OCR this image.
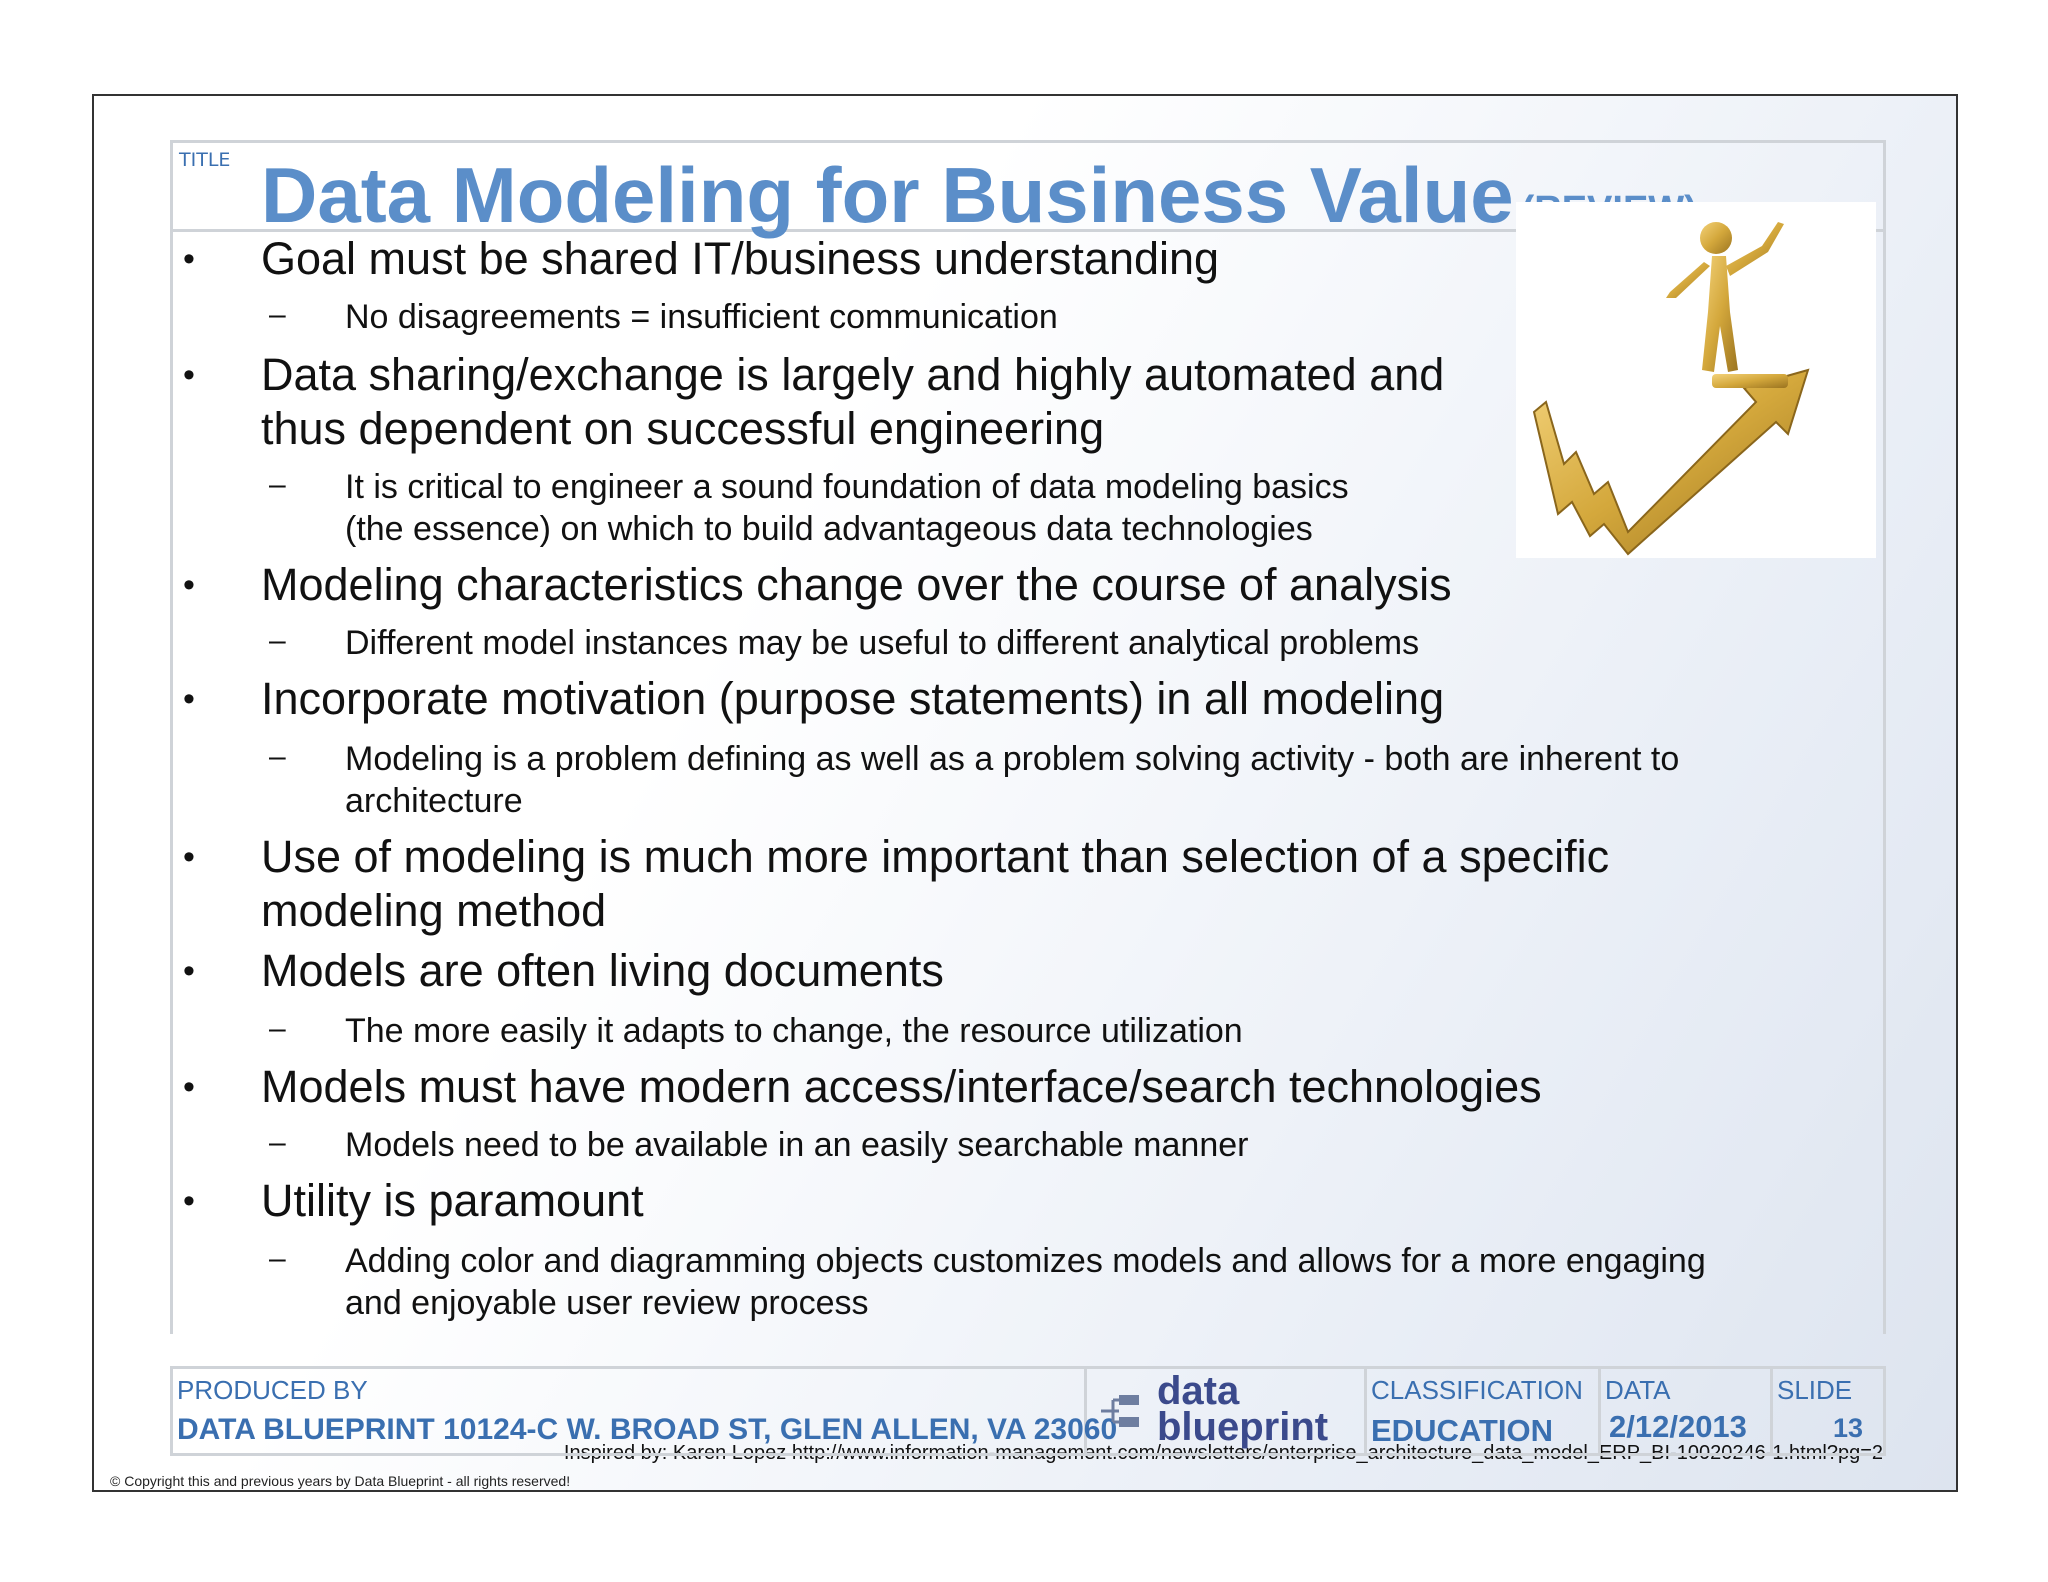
TITLE Data Modeling for Business Value
• Goal must be shared IT/business understanding
– No disagreements = insufficient communication
• Data sharing/exchange is largely and highly automated and
thus dependent on successful engineering
– It is critical to engineer a sound foundation of data modeling basics
(the essence) on which to build advantageous data technologies
• Modeling characteristics change over the course of analysis
– Different model instances may be useful to different analytical problems
• Incorporate motivation (purpose statements) in all modeling
– Modeling is a problem defining as well as a problem solving activity - both are inherent to
architecture
• Use of modeling is much more important than selection of a specific
modeling method
• Models are often living documents
– The more easily it adapts to change, the resource utilization
• Models must have modern access/interface/search technologies
– Models need to be available in an easily searchable manner
• Utility is paramount
– Adding color and diagramming objects customizes models and allows for a more engaging
and enjoyable user review process
Inspired by: Karen Lopez http://www.information-management.com/newsletters/enterprise_architecture_data_model_ERP_BI-10020246-1.html?pg=2
PRODUCED BY
DATA BLUEPRINT 10124-C W. BROAD ST, GLEN ALLEN, VA 23060
data
blueprint
CLASSIFICATION
EDUCATION
DATA
2/12/2013
SLIDE
13
© Copyright this and previous years by Data Blueprint - all rights reserved!
